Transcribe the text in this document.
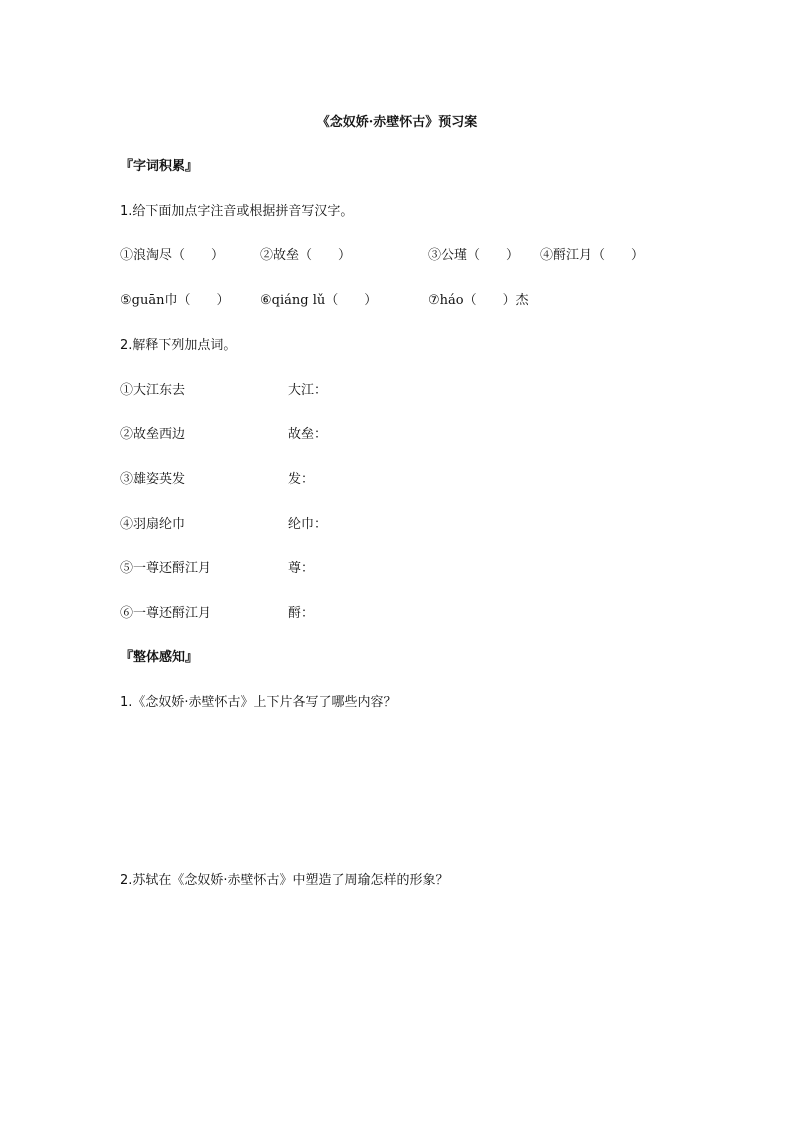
《念奴娇·赤壁怀古》预习案
『字词积累』
1.给下面加点字注音或根据拼音写汉字。
①浪淘尽（　　）	②故垒（　　）	③公瑾（　　） ④酹江月（　　）
⑤guān巾（　　） ⑥qiáng lǔ（　　）	⑦háo（　　）杰
2.解释下列加点词。
①大江东去	大江：
②故垒西边	故垒：
③雄姿英发	发：
④羽扇纶巾	纶巾：
⑤一尊还酹江月	尊：
⑥一尊还酹江月	酹：
『整体感知』
1.《念奴娇·赤壁怀古》上下片各写了哪些内容？
2.苏轼在《念奴娇·赤壁怀古》中塑造了周瑜怎样的形象？
